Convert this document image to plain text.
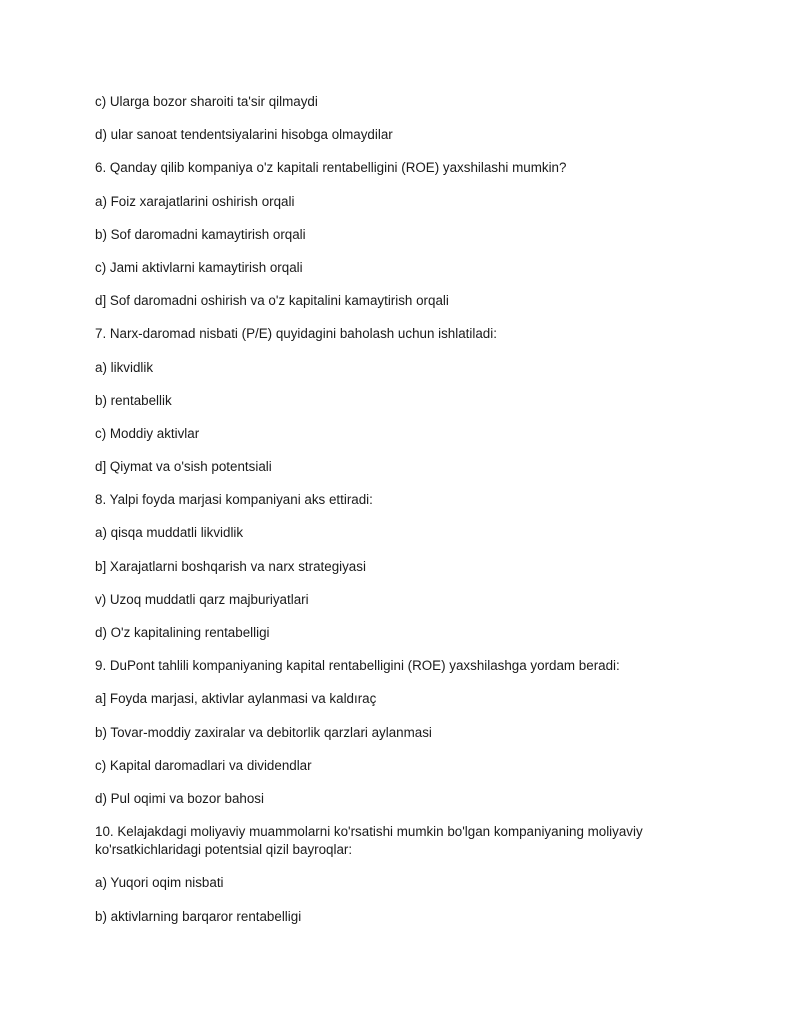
c) Ularga bozor sharoiti ta'sir qilmaydi

d) ular sanoat tendentsiyalarini hisobga olmaydilar

6. Qanday qilib kompaniya o'z kapitali rentabelligini (ROE) yaxshilashi mumkin?

a) Foiz xarajatlarini oshirish orqali

b) Sof daromadni kamaytirish orqali

c) Jami aktivlarni kamaytirish orqali

d] Sof daromadni oshirish va o'z kapitalini kamaytirish orqali

7. Narx-daromad nisbati (P/E) quyidagini baholash uchun ishlatiladi:

a) likvidlik

b) rentabellik

c) Moddiy aktivlar

d] Qiymat va o'sish potentsiali

8. Yalpi foyda marjasi kompaniyani aks ettiradi:

a) qisqa muddatli likvidlik

b] Xarajatlarni boshqarish va narx strategiyasi

v) Uzoq muddatli qarz majburiyatlari

d) O'z kapitalining rentabelligi

9. DuPont tahlili kompaniyaning kapital rentabelligini (ROE) yaxshilashga yordam beradi:

a] Foyda marjasi, aktivlar aylanmasi va kaldıraç

b) Tovar-moddiy zaxiralar va debitorlik qarzlari aylanmasi

c) Kapital daromadlari va dividendlar

d) Pul oqimi va bozor bahosi

10. Kelajakdagi moliyaviy muammolarni ko'rsatishi mumkin bo'lgan kompaniyaning moliyaviy ko'rsatkichlaridagi potentsial qizil bayroqlar:

a) Yuqori oqim nisbati

b) aktivlarning barqaror rentabelligi
